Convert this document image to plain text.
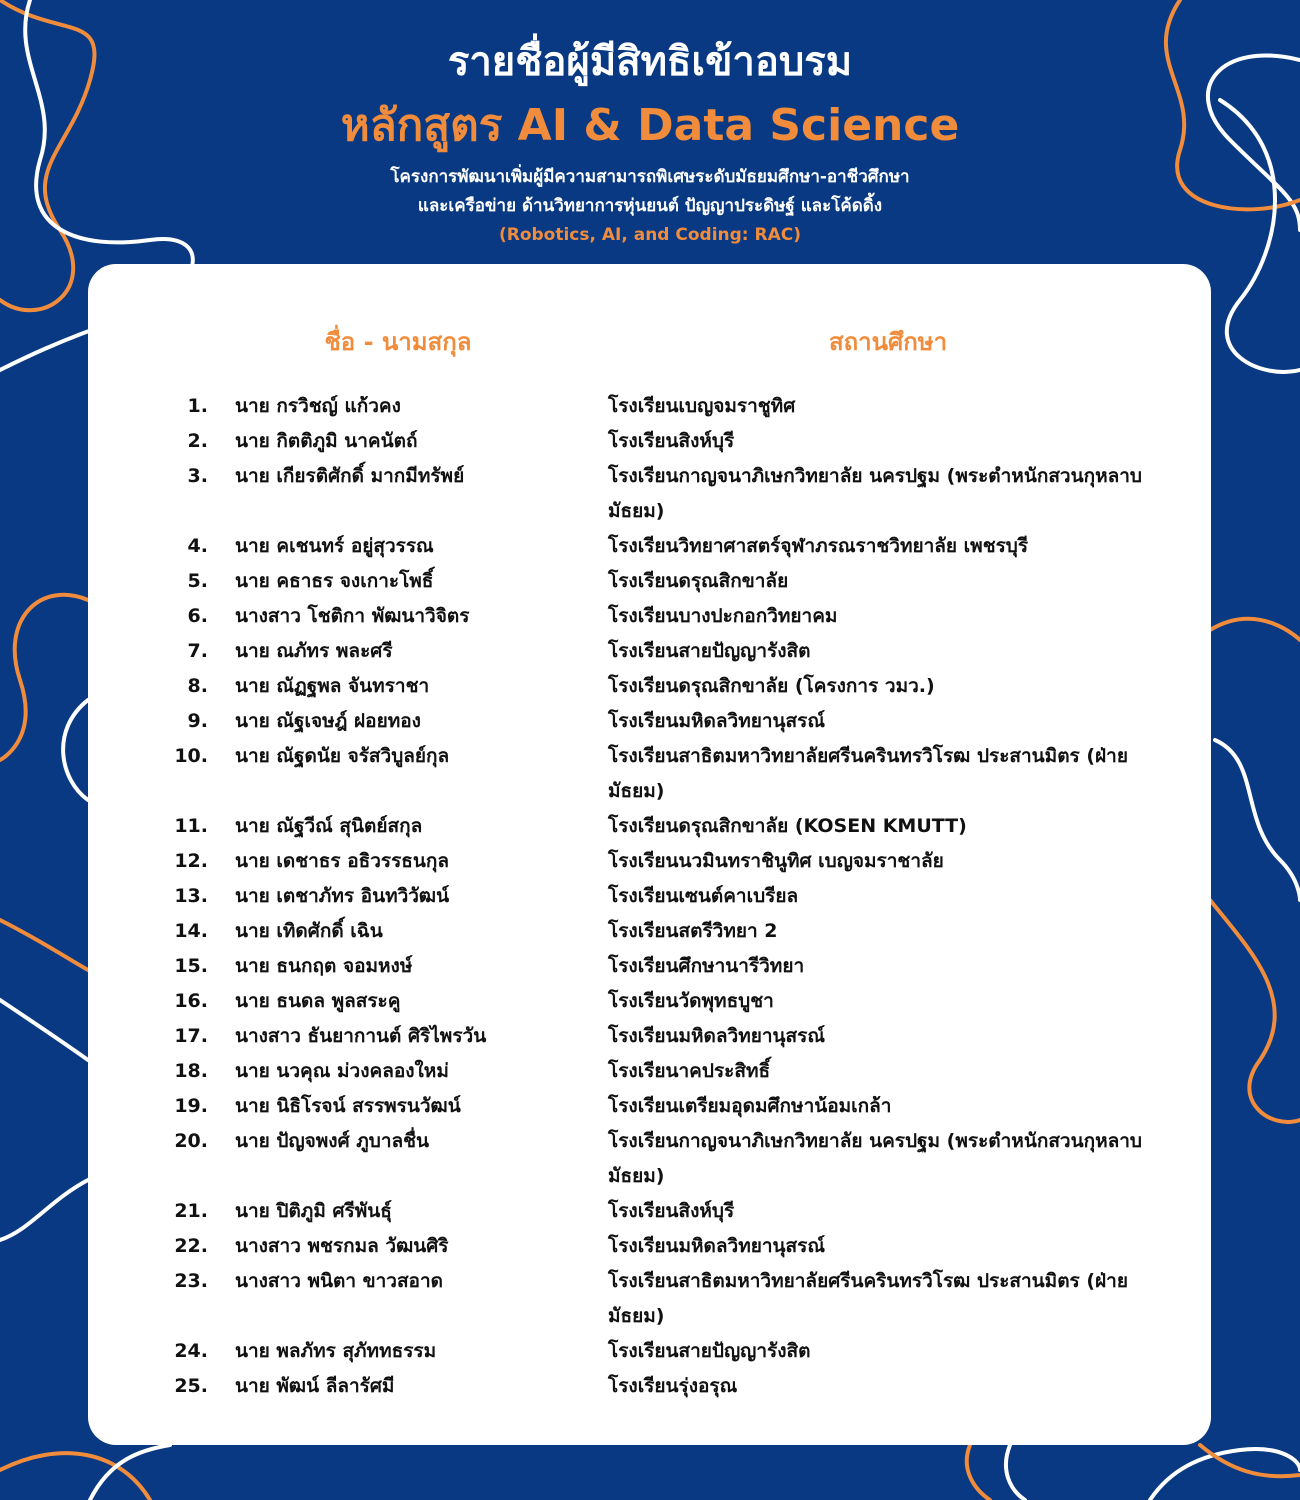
รายชื่อผู้มีสิทธิเข้าอบรม
หลักสูตร AI & Data Science
โครงการพัฒนาเพิ่มผู้มีความสามารถพิเศษระดับมัธยมศึกษา-อาชีวศึกษา
และเครือข่าย ด้านวิทยาการหุ่นยนต์ ปัญญาประดิษฐ์ และโค้ดดิ้ง
(Robotics, AI, and Coding: RAC)
ชื่อ - นามสกุล	สถานศึกษา
1. นาย กรวิชญ์ แก้วคง	โรงเรียนเบญจมราชูทิศ
2. นาย กิตติภูมิ นาคนัตถ์	โรงเรียนสิงห์บุรี
3. นาย เกียรติศักดิ์ มากมีทรัพย์	โรงเรียนกาญจนาภิเษกวิทยาลัย นครปฐม (พระตำหนักสวนกุหลาบมัธยม)
4. นาย คเชนทร์ อยู่สุวรรณ	โรงเรียนวิทยาศาสตร์จุฬาภรณราชวิทยาลัย เพชรบุรี
5. นาย คธาธร จงเกาะโพธิ์	โรงเรียนดรุณสิกขาลัย
6. นางสาว โชติกา พัฒนาวิจิตร	โรงเรียนบางปะกอกวิทยาคม
7. นาย ณภัทร พละศรี	โรงเรียนสายปัญญารังสิต
8. นาย ณัฏฐพล จันทราชา	โรงเรียนดรุณสิกขาลัย (โครงการ วมว.)
9. นาย ณัฐเจษฎ์ ฝอยทอง	โรงเรียนมหิดลวิทยานุสรณ์
10. นาย ณัฐดนัย จรัสวิบูลย์กุล	โรงเรียนสาธิตมหาวิทยาลัยศรีนครินทรวิโรฒ ประสานมิตร (ฝ่ายมัธยม)
11. นาย ณัฐวีณ์ สุนิตย์สกุล	โรงเรียนดรุณสิกขาลัย (KOSEN KMUTT)
12. นาย เดชาธร อธิวรรธนกุล	โรงเรียนนวมินทราชินูทิศ เบญจมราชาลัย
13. นาย เตชาภัทร อินทวิวัฒน์	โรงเรียนเซนต์คาเบรียล
14. นาย เทิดศักดิ์ เฉิน	โรงเรียนสตรีวิทยา 2
15. นาย ธนกฤต จอมหงษ์	โรงเรียนศึกษานารีวิทยา
16. นาย ธนดล พูลสระคู	โรงเรียนวัดพุทธบูชา
17. นางสาว ธันยากานต์ ศิริไพรวัน	โรงเรียนมหิดลวิทยานุสรณ์
18. นาย นวคุณ ม่วงคลองใหม่	โรงเรียนาคประสิทธิ์
19. นาย นิธิโรจน์ สรรพรนวัฒน์	โรงเรียนเตรียมอุดมศึกษาน้อมเกล้า
20. นาย ปัญจพงศ์ ภูบาลชื่น	โรงเรียนกาญจนาภิเษกวิทยาลัย นครปฐม (พระตำหนักสวนกุหลาบมัธยม)
21. นาย ปิติภูมิ ศรีพันธุ์	โรงเรียนสิงห์บุรี
22. นางสาว พชรกมล วัฒนศิริ	โรงเรียนมหิดลวิทยานุสรณ์
23. นางสาว พนิตา ขาวสอาด	โรงเรียนสาธิตมหาวิทยาลัยศรีนครินทรวิโรฒ ประสานมิตร (ฝ่ายมัธยม)
24. นาย พลภัทร สุภัททธรรม	โรงเรียนสายปัญญารังสิต
25. นาย พัฒน์ ลีลารัศมี	โรงเรียนรุ่งอรุณ
